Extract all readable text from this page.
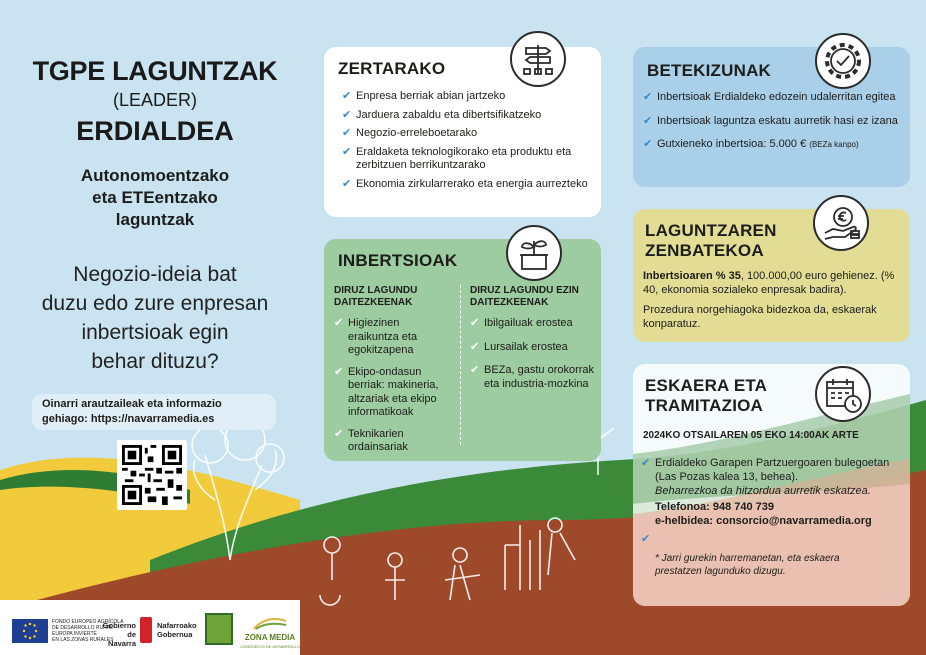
TGPE LAGUNTZAK
(LEADER)
ERDIALDEA
Autonomoentzako
eta ETEentzako
laguntzak
Negozio-ideia bat
duzu edo zure enpresan
inbertsioak egin
behar dituzu?
Oinarri arautzaileak eta informazio
gehiago: https://navarramedia.es
ZERTARAKO
✔ Enpresa berriak abian jartzeko
✔ Jarduera zabaldu eta dibertsifikatzeko
✔ Negozio-erreleboetarako
✔ Eraldaketa teknologikorako eta produktu eta zerbitzuen berrikuntzarako
✔ Ekonomia zirkularrerako eta energia aurrezteko
INBERTSIOAK
DIRUZ LAGUNDU
DAITEZKEENAK
DIRUZ LAGUNDU EZIN
DAITEZKEENAK
✔ Higiezinen eraikuntza eta egokitzapena
✔ Ekipo-ondasun berriak: makineria, altzariak eta ekipo informatikoak
✔ Teknikarien ordainsariak
✔ Ibilgailuak erostea
✔ Lursailak erostea
✔ BEZa, gastu orokorrak eta industria-mozkina
BETEKIZUNAK
✔ Inbertsioak Erdialdeko edozein udalerritan egitea
✔ Inbertsioak laguntza eskatu aurretik hasi ez izana
✔ Gutxieneko inbertsioa: 5.000 € (BEZa kanpo)
LAGUNTZAREN
ZENBATEKOA
Inbertsioaren % 35, 100.000,00 euro gehienez. (% 40, ekonomia sozialeko enpresak badira).
Prozedura norgehiagoka bidezkoa da, eskaerak konparatuz.
ESKAERA ETA
TRAMITAZIOA
2024KO OTSAILAREN 05 EKO 14:00AK ARTE
✔ Erdialdeko Garapen Partzuergoaren bulegoetan (Las Pozas kalea 13, behea).
Beharrezkoa da hitzordua aurretik eskatzea.
Telefonoa: 948 740 739
e-helbidea: consorcio@navarramedia.org
✔
* Jarri gurekin harremanetan, eta eskaera prestatzen lagunduko dizugu.
FONDO EUROPEO AGRÍCOLA
DE DESARROLLO RURAL:
EUROPA INVIERTE
EN LAS ZONAS RURALES
Gobierno
de Navarra
Nafarroako
Gobernua	ZONA MEDIA
CONSORCIO DE DESARROLLO
